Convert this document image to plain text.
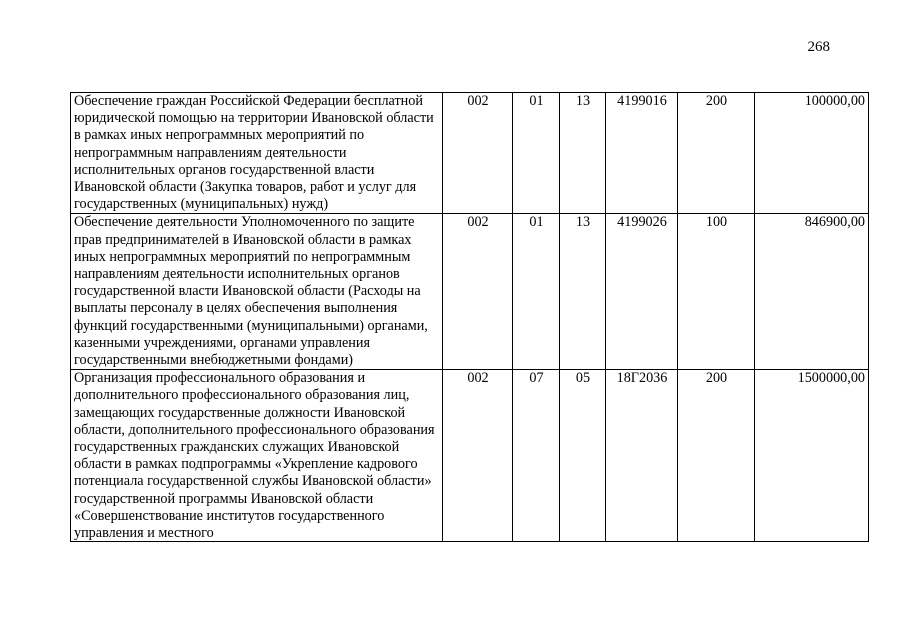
268
Обеспечение граждан Российской Федерации бесплатной юридической помощью на территории Ивановской области в рамках иных непрограммных мероприятий по непрограммным направлениям деятельности исполнительных органов государственной власти Ивановской области (Закупка товаров, работ и услуг для государственных (муниципальных) нужд)	002	01	13	4199016	200	100000,00
Обеспечение деятельности Уполномоченного по защите прав предпринимателей в Ивановской области в рамках иных непрограммных мероприятий по непрограммным направлениям деятельности исполнительных органов государственной власти Ивановской области (Расходы на выплаты персоналу в целях обеспечения выполнения функций государственными (муниципальными) органами, казенными учреждениями, органами управления государственными внебюджетными фондами)	002	01	13	4199026	100	846900,00

Организация профессионального образования и дополнительного профессионального образования лиц, замещающих государственные должности Ивановской области, дополнительного профессионального образования государственных гражданских служащих Ивановской области в рамках подпрограммы «Укрепление кадрового потенциала государственной службы Ивановской области» государственной программы Ивановской области «Совершенствование институтов государственного управления и местного	002	07	05	18Г2036	200	1500000,00
